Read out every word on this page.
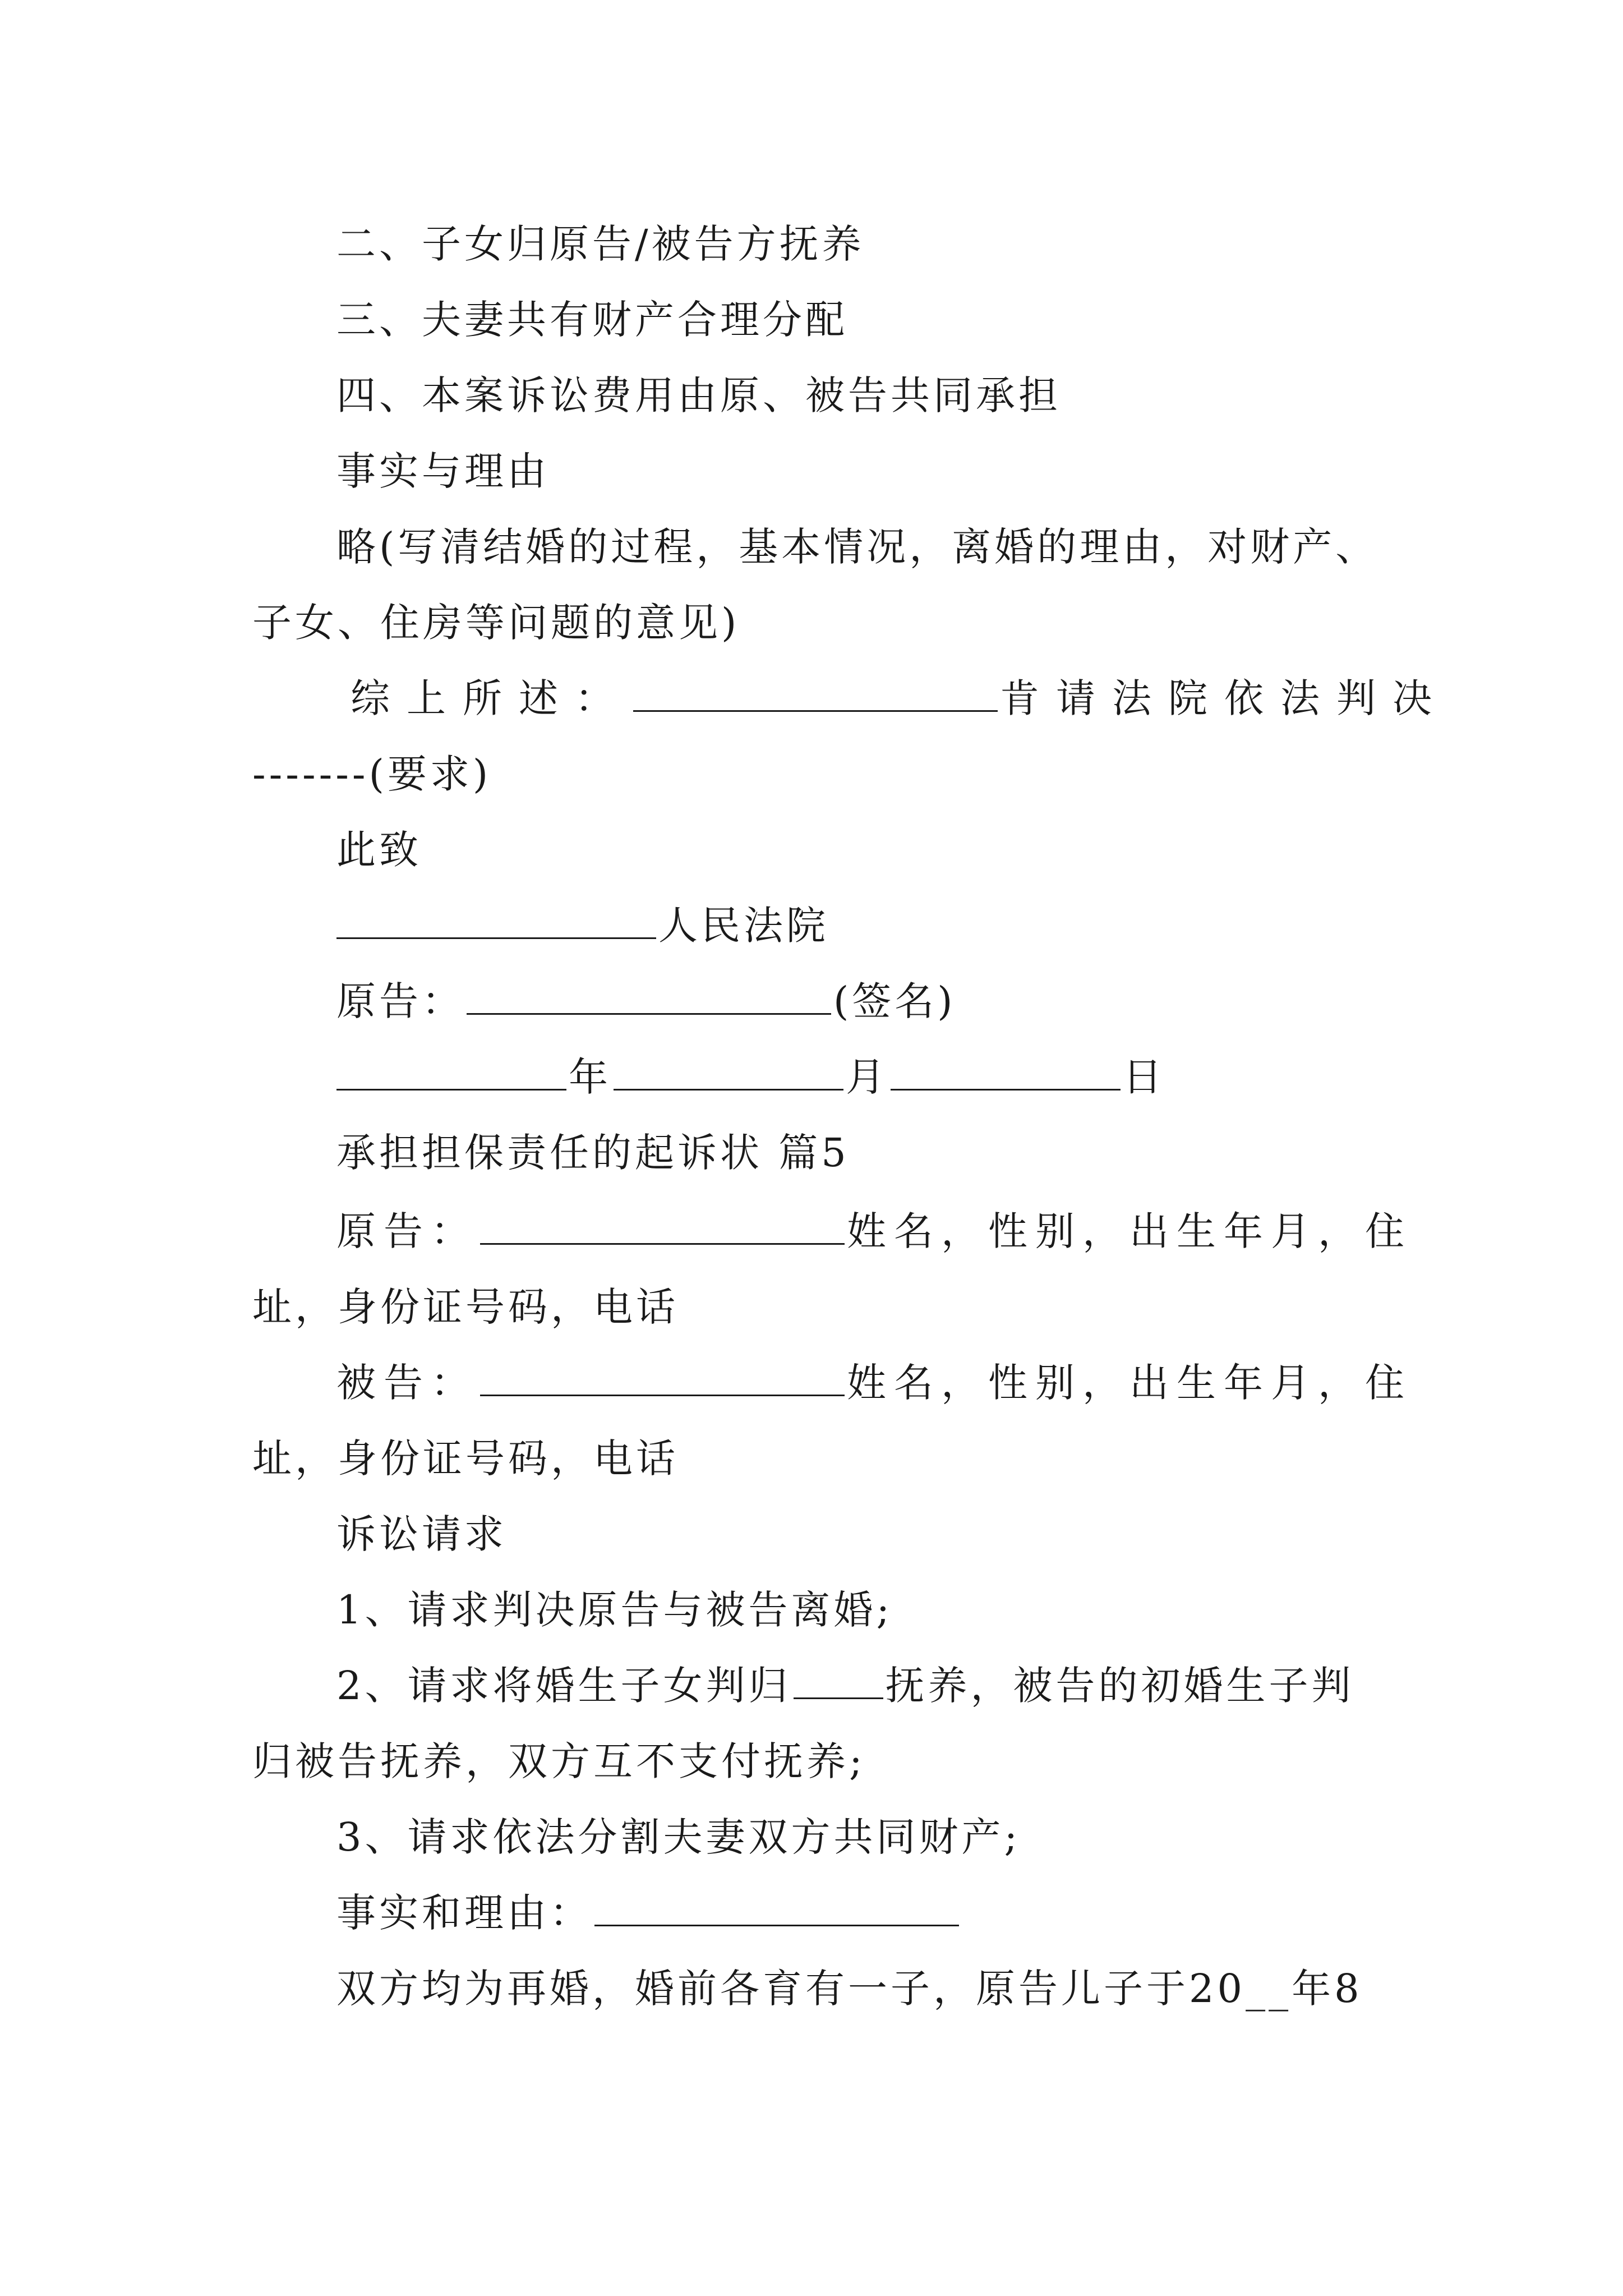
二、子女归原告/被告方抚养
三、夫妻共有财产合理分配
四、本案诉讼费用由原、被告共同承担
事实与理由
略(写清结婚的过程，基本情况，离婚的理由，对财产、
子女、住房等问题的意见)
综上所述：	肯请法院依法判决
-------(要求)
此致
人民法院
原告：	(签名)
年	月	日
承担担保责任的起诉状 篇5
原告：	姓名，性别，出生年月，住
址，身份证号码，电话
被告：	姓名，性别，出生年月，住
址，身份证号码，电话
诉讼请求
1、请求判决原告与被告离婚;
2、请求将婚生子女判归 抚养，被告的初婚生子判
归被告抚养，双方互不支付抚养;
3、请求依法分割夫妻双方共同财产;
事实和理由：
双方均为再婚，婚前各育有一子，原告儿子于20__年8
